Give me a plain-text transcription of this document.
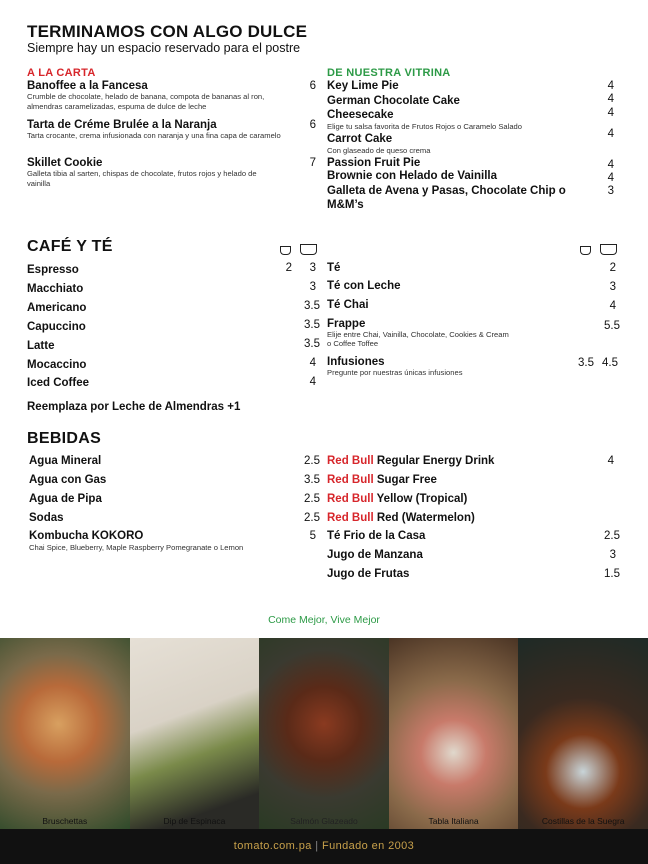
TERMINAMOS CON ALGO DULCE
Siempre hay un espacio reservado para el postre
A LA CARTA
Banoffee a la Fancesa
Crumble de chocolate, helado de banana, compota de bananas al ron, almendras caramelizadas, espuma de dulce de leche
6
Tarta de Créme Brulée a la Naranja
Tarta crocante, crema infusionada con naranja y una fina capa de caramelo
6
Skillet Cookie
Galleta tibia al sarten, chispas de chocolate, frutos rojos y helado de vainilla
7
DE NUESTRA VITRINA
Key Lime Pie	4
German Chocolate Cake	4
Cheesecake
Elige tu salsa favorita de Frutos Rojos o Caramelo Salado
4
Carrot Cake
Con glaseado de queso crema
4
Passion Fruit Pie	4
Brownie con Helado de Vainilla	4
Galleta de Avena y Pasas, Chocolate Chip o
M&M’s
3
CAFÉ Y TÉ
Espresso	2	3
Macchiato	3
Americano	3.5
Capuccino	3.5
Latte	3.5
Mocaccino	4
Iced Coffee	4
Reemplaza por Leche de Almendras +1
Té	2
Té con Leche	3
Té Chai	4
Frappe
Elije entre Chai, Vainilla, Chocolate, Cookies & Cream
o Coffee Toffee
5.5
Infusiones
Pregunte por nuestras únicas infusiones
3.5 4.5
BEBIDAS
Agua Mineral	2.5
Agua con Gas	3.5
Agua de Pipa	2.5
Sodas	2.5
Kombucha KOKORO
Chai Spice, Blueberry, Maple Raspberry Pomegranate o Lemon
5
Red Bull Regular Energy Drink	4
Red Bull Sugar Free
Red Bull Yellow (Tropical)
Red Bull Red (Watermelon)
Té Frio de la Casa	2.5
Jugo de Manzana	3
Jugo de Frutas	1.5
Come Mejor, Vive Mejor
Bruschettas	Dip de Espinaca	Salmón Glazeado	Tabla Italiana	Costillas de la Suegra
tomato.com.pa | Fundado en 2003
